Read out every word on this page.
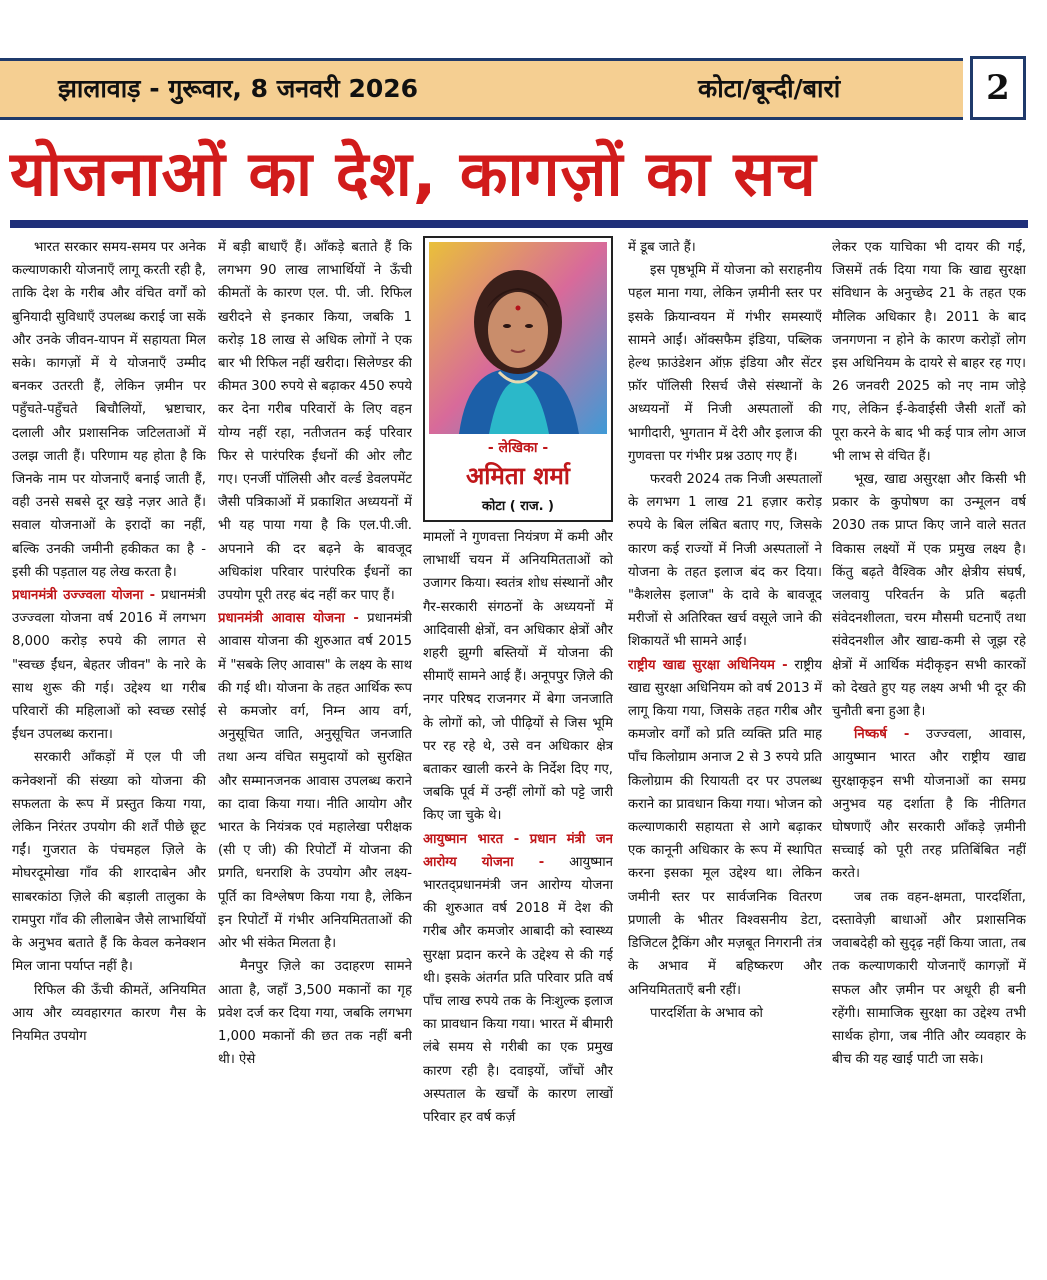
झालावाड़ - गुरूवार, 8 जनवरी 2026	कोटा/बून्दी/बारां	2
योजनाओं का देश, कागज़ों का सच

भारत सरकार समय-समय पर अनेक कल्याणकारी योजनाएँ लागू करती रही है, ताकि देश के गरीब और वंचित वर्गों को बुनियादी सुविधाएँ उपलब्ध कराई जा सकें और उनके जीवन-यापन में सहायता मिल सके। कागज़ों में ये योजनाएँ उम्मीद बनकर उतरती हैं, लेकिन ज़मीन पर पहुँचते-पहुँचते बिचौलियों, भ्रष्टाचार, दलाली और प्रशासनिक जटिलताओं में उलझ जाती हैं। परिणाम यह होता है कि जिनके नाम पर योजनाएँ बनाई जाती हैं, वही उनसे सबसे दूर खड़े नज़र आते हैं। सवाल योजनाओं के इरादों का नहीं, बल्कि उनकी जमीनी हकीकत का है - इसी की पड़ताल यह लेख करता है।

प्रधानमंत्री उज्ज्वला योजना - प्रधानमंत्री उज्ज्वला योजना वर्ष 2016 में लगभग 8,000 करोड़ रुपये की लागत से "स्वच्छ ईंधन, बेहतर जीवन" के नारे के साथ शुरू की गई। उद्देश्य था गरीब परिवारों की महिलाओं को स्वच्छ रसोई ईंधन उपलब्ध कराना।

सरकारी आँकड़ों में एल पी जी कनेक्शनों की संख्या को योजना की सफलता के रूप में प्रस्तुत किया गया, लेकिन निरंतर उपयोग की शर्तें पीछे छूट गईं। गुजरात के पंचमहल ज़िले के मोघरदूमोखा गाँव की शारदाबेन और साबरकांठा ज़िले की बड़ाली तालुका के रामपुरा गाँव की लीलाबेन जैसे लाभार्थियों के अनुभव बताते हैं कि केवल कनेक्शन मिल जाना पर्याप्त नहीं है।

रिफिल की ऊँची कीमतें, अनियमित आय और व्यवहारगत कारण गैस के नियमित उपयोग

में बड़ी बाधाएँ हैं। आँकड़े बताते हैं कि लगभग 90 लाख लाभार्थियों ने ऊँची कीमतों के कारण एल. पी. जी. रिफिल खरीदने से इनकार किया, जबकि 1 करोड़ 18 लाख से अधिक लोगों ने एक बार भी रिफिल नहीं खरीदा। सिलेण्डर की कीमत 300 रुपये से बढ़ाकर 450 रुपये कर देना गरीब परिवारों के लिए वहन योग्य नहीं रहा, नतीजतन कई परिवार फिर से पारंपरिक ईंधनों की ओर लौट गए। एनर्जी पॉलिसी और वर्ल्ड डेवलपमेंट जैसी पत्रिकाओं में प्रकाशित अध्ययनों में भी यह पाया गया है कि एल.पी.जी. अपनाने की दर बढ़ने के बावजूद अधिकांश परिवार पारंपरिक ईंधनों का उपयोग पूरी तरह बंद नहीं कर पाए हैं।

प्रधानमंत्री आवास योजना - प्रधानमंत्री आवास योजना की शुरुआत वर्ष 2015 में "सबके लिए आवास" के लक्ष्य के साथ की गई थी। योजना के तहत आर्थिक रूप से कमजोर वर्ग, निम्न आय वर्ग, अनुसूचित जाति, अनुसूचित जनजाति तथा अन्य वंचित समुदायों को सुरक्षित और सम्मानजनक आवास उपलब्ध कराने का दावा किया गया। नीति आयोग और भारत के नियंत्रक एवं महालेखा परीक्षक (सी ए जी) की रिपोर्टों में योजना की प्रगति, धनराशि के उपयोग और लक्ष्य-पूर्ति का विश्लेषण किया गया है, लेकिन इन रिपोर्टों में गंभीर अनियमितताओं की ओर भी संकेत मिलता है।

मैनपुर ज़िले का उदाहरण सामने आता है, जहाँ 3,500 मकानों का गृह प्रवेश दर्ज कर दिया गया, जबकि लगभग 1,000 मकानों की छत तक नहीं बनी थी। ऐसे

- लेखिका -
अमिता शर्मा
कोटा ( राज. )

मामलों ने गुणवत्ता नियंत्रण में कमी और लाभार्थी चयन में अनियमितताओं को उजागर किया। स्वतंत्र शोध संस्थानों और गैर-सरकारी संगठनों के अध्ययनों में आदिवासी क्षेत्रों, वन अधिकार क्षेत्रों और शहरी झुग्गी बस्तियों में योजना की सीमाएँ सामने आई हैं। अनूपपुर ज़िले की नगर परिषद राजनगर में बेगा जनजाति के लोगों को, जो पीढ़ियों से जिस भूमि पर रह रहे थे, उसे वन अधिकार क्षेत्र बताकर खाली करने के निर्देश दिए गए, जबकि पूर्व में उन्हीं लोगों को पट्टे जारी किए जा चुके थे।

आयुष्मान भारत - प्रधान मंत्री जन आरोग्य योजना - आयुष्मान भारतद्प्रधानमंत्री जन आरोग्य योजना की शुरुआत वर्ष 2018 में देश की गरीब और कमजोर आबादी को स्वास्थ्य सुरक्षा प्रदान करने के उद्देश्य से की गई थी। इसके अंतर्गत प्रति परिवार प्रति वर्ष पाँच लाख रुपये तक के निःशुल्क इलाज का प्रावधान किया गया। भारत में बीमारी लंबे समय से गरीबी का एक प्रमुख कारण रही है। दवाइयों, जाँचों और अस्पताल के खर्चों के कारण लाखों परिवार हर वर्ष कर्ज़

में डूब जाते हैं।

इस पृष्ठभूमि में योजना को सराहनीय पहल माना गया, लेकिन ज़मीनी स्तर पर इसके क्रियान्वयन में गंभीर समस्याएँ सामने आईं। ऑक्सफैम इंडिया, पब्लिक हेल्थ फ़ाउंडेशन ऑफ़ इंडिया और सेंटर फ़ॉर पॉलिसी रिसर्च जैसे संस्थानों के अध्ययनों में निजी अस्पतालों की भागीदारी, भुगतान में देरी और इलाज की गुणवत्ता पर गंभीर प्रश्न उठाए गए हैं।

फरवरी 2024 तक निजी अस्पतालों के लगभग 1 लाख 21 हज़ार करोड़ रुपये के बिल लंबित बताए गए, जिसके कारण कई राज्यों में निजी अस्पतालों ने योजना के तहत इलाज बंद कर दिया। "कैशलेस इलाज" के दावे के बावजूद मरीजों से अतिरिक्त खर्च वसूले जाने की शिकायतें भी सामने आईं।

राष्ट्रीय खाद्य सुरक्षा अधिनियम - राष्ट्रीय खाद्य सुरक्षा अधिनियम को वर्ष 2013 में लागू किया गया, जिसके तहत गरीब और कमजोर वर्गों को प्रति व्यक्ति प्रति माह पाँच किलोग्राम अनाज 2 से 3 रुपये प्रति किलोग्राम की रियायती दर पर उपलब्ध कराने का प्रावधान किया गया। भोजन को कल्याणकारी सहायता से आगे बढ़ाकर एक कानूनी अधिकार के रूप में स्थापित करना इसका मूल उद्देश्य था। लेकिन जमीनी स्तर पर सार्वजनिक वितरण प्रणाली के भीतर विश्वसनीय डेटा, डिजिटल ट्रैकिंग और मज़बूत निगरानी तंत्र के अभाव में बहिष्करण और अनियमितताएँ बनी रहीं।

पारदर्शिता के अभाव को

लेकर एक याचिका भी दायर की गई, जिसमें तर्क दिया गया कि खाद्य सुरक्षा संविधान के अनुच्छेद 21 के तहत एक मौलिक अधिकार है। 2011 के बाद जनगणना न होने के कारण करोड़ों लोग इस अधिनियम के दायरे से बाहर रह गए। 26 जनवरी 2025 को नए नाम जोड़े गए, लेकिन ई-केवाईसी जैसी शर्तों को पूरा करने के बाद भी कई पात्र लोग आज भी लाभ से वंचित हैं।

भूख, खाद्य असुरक्षा और किसी भी प्रकार के कुपोषण का उन्मूलन वर्ष 2030 तक प्राप्त किए जाने वाले सतत विकास लक्ष्यों में एक प्रमुख लक्ष्य है। किंतु बढ़ते वैश्विक और क्षेत्रीय संघर्ष, जलवायु परिवर्तन के प्रति बढ़ती संवेदनशीलता, चरम मौसमी घटनाएँ तथा संवेदनशील और खाद्य-कमी से जूझ रहे क्षेत्रों में आर्थिक मंदीकृइन सभी कारकों को देखते हुए यह लक्ष्य अभी भी दूर की चुनौती बना हुआ है।

निष्कर्ष - उज्ज्वला, आवास, आयुष्मान भारत और राष्ट्रीय खाद्य सुरक्षाकृइन सभी योजनाओं का समग्र अनुभव यह दर्शाता है कि नीतिगत घोषणाएँ और सरकारी आँकड़े ज़मीनी सच्चाई को पूरी तरह प्रतिबिंबित नहीं करते।

जब तक वहन-क्षमता, पारदर्शिता, दस्तावेज़ी बाधाओं और प्रशासनिक जवाबदेही को सुदृढ़ नहीं किया जाता, तब तक कल्याणकारी योजनाएँ कागज़ों में सफल और ज़मीन पर अधूरी ही बनी रहेंगी। सामाजिक सुरक्षा का उद्देश्य तभी सार्थक होगा, जब नीति और व्यवहार के बीच की यह खाई पाटी जा सके।
